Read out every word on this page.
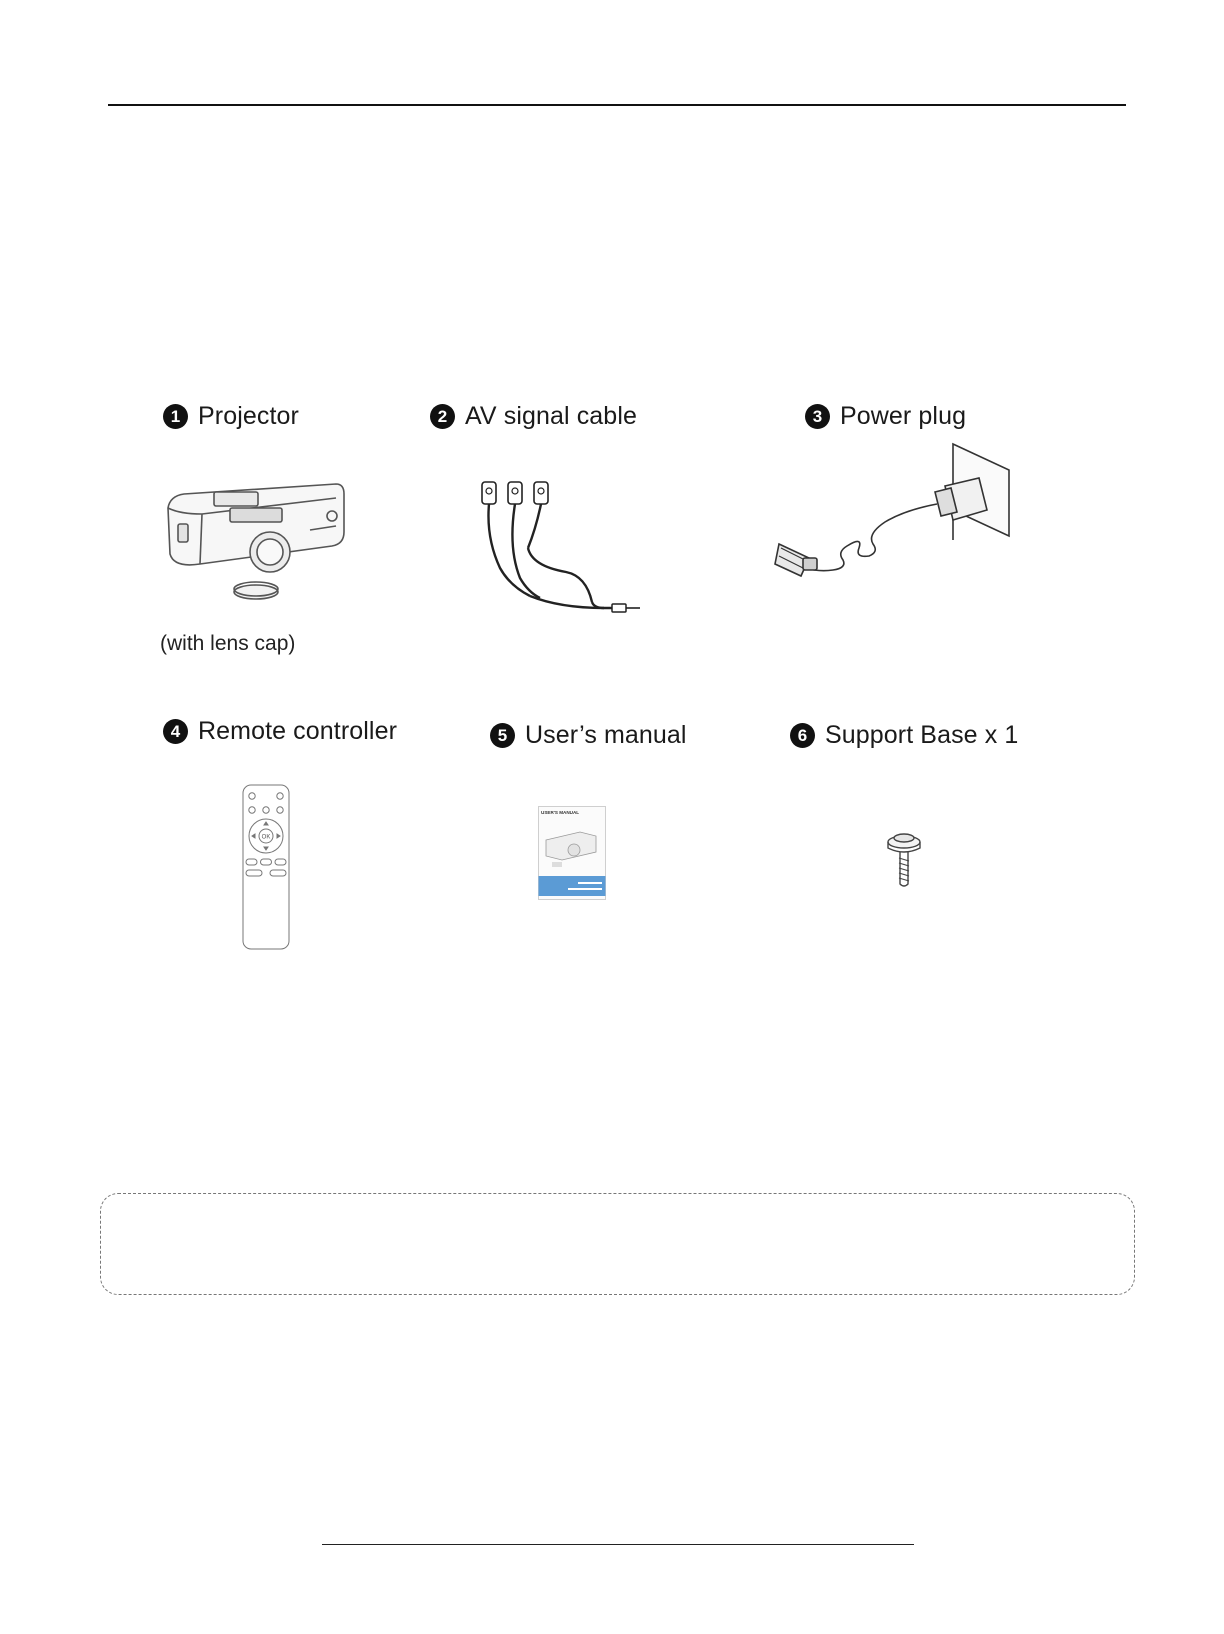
1 Projector
(with lens cap)
2 AV signal cable	3 Power plug
4 Remote controller
OK
5 User’s manual
USER'S MANUAL
6 Support Base x 1
